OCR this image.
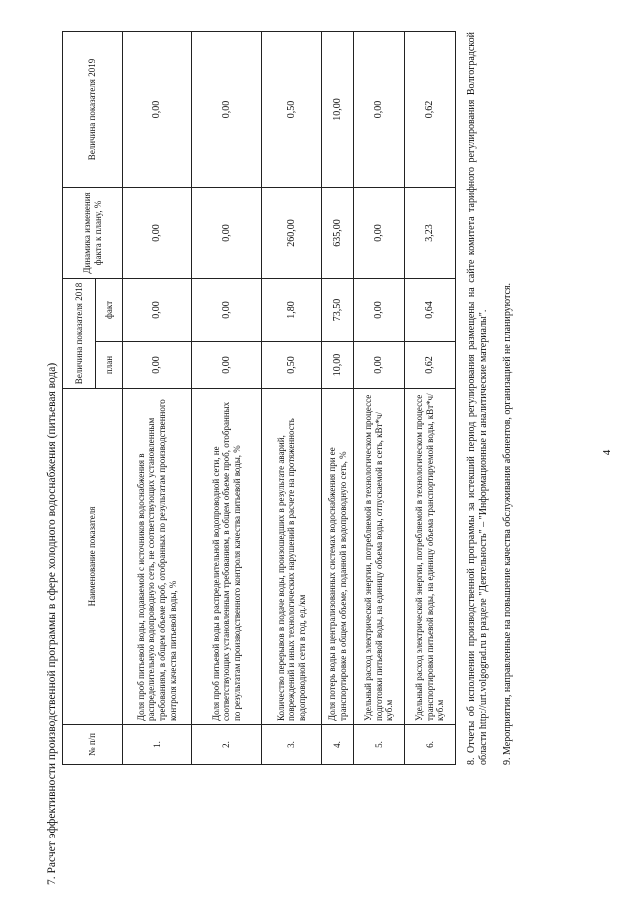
4
7. Расчет эффективности производственной программы в сфере холодного водоснабжения (питьевая вода)	№ п/п	Наименование показателя	Величина показателя 2018		Динамика изменения факта к плану, %	Величина показателя 2019
		план	факт		
1.	Доля проб питьевой воды, подаваемой с источников водоснабжения в распределительную водопроводную сеть, не соответствующих установленным требованиям, в общем объеме проб, отобранных по результатам производственного контроля качества питьевой воды, %	0,00	0,00	0,00	0,00
2.	Доля проб питьевой воды в распределительной водопроводной сети, не соответствующих установленным требованиям, в общем объеме проб, отобранных по результатам производственного контроля качества питьевой воды, %	0,00	0,00	0,00	0,00
3.	Количество перерывов в подаче воды, произошедших в результате аварий, повреждений и иных технологических нарушений в расчете на протяженность водопроводной сети в год, ед./км	0,50	1,80	260,00	0,50
4.	Доля потерь воды в централизованных системах водоснабжения при ее транспортировке в общем объеме, поданной в водопроводную сеть, %	10,00	73,50	635,00	10,00
5.	Удельный расход электрической энергии, потребляемой в технологическом процессе подготовки питьевой воды, на единицу объема воды, отпускаемой в сеть, кВт*ч/куб.м	0,00	0,00	0,00	0,00
6.	Удельный расход электрической энергии, потребляемой в технологическом процессе транспортировки питьевой воды, на единицу объема транспортируемой воды, кВт*ч/куб.м	0,62	0,64	3,23	0,62	8. Отчеты об исполнении производственной программы за истекший период регулирования размещены на сайте комитета тарифного регулирования Волгоградской области http://urt.volgograd.ru в разделе "Деятельность" – "Информационные и аналитические материалы". 9. Мероприятия, направленные на повышение качества обслуживания абонентов, организацией не планируются.
